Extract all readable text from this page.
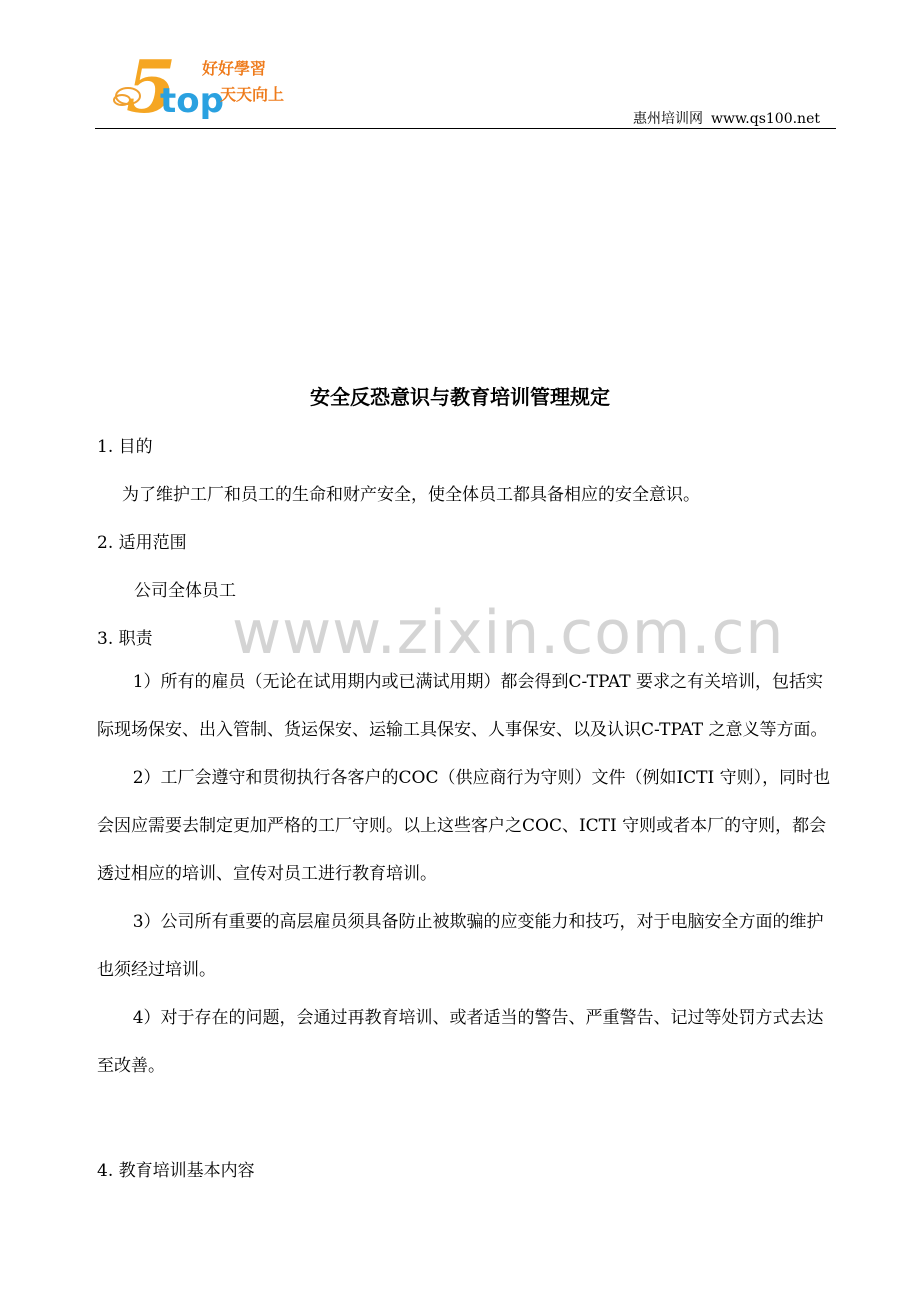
5
top
好好學習
天天向上
惠州培训网 www.qs100.net
www.zixin.com.cn
安全反恐意识与教育培训管理规定
1. 目的
为了维护工厂和员工的生命和财产安全，使全体员工都具备相应的安全意识。
2. 适用范围
公司全体员工
3. 职责

1）所有的雇员（无论在试用期内或已满试用期）都会得到C-TPAT 要求之有关培训，包括实际现场保安、出入管制、货运保安、运输工具保安、人事保安、以及认识C-TPAT 之意义等方面。

2）工厂会遵守和贯彻执行各客户的COC（供应商行为守则）文件（例如ICTI 守则），同时也会因应需要去制定更加严格的工厂守则。以上这些客户之COC、ICTI 守则或者本厂的守则，都会透过相应的培训、宣传对员工进行教育培训。

3）公司所有重要的高层雇员须具备防止被欺骗的应变能力和技巧，对于电脑安全方面的维护也须经过培训。

4）对于存在的问题，会通过再教育培训、或者适当的警告、严重警告、记过等处罚方式去达至改善。

4. 教育培训基本内容
